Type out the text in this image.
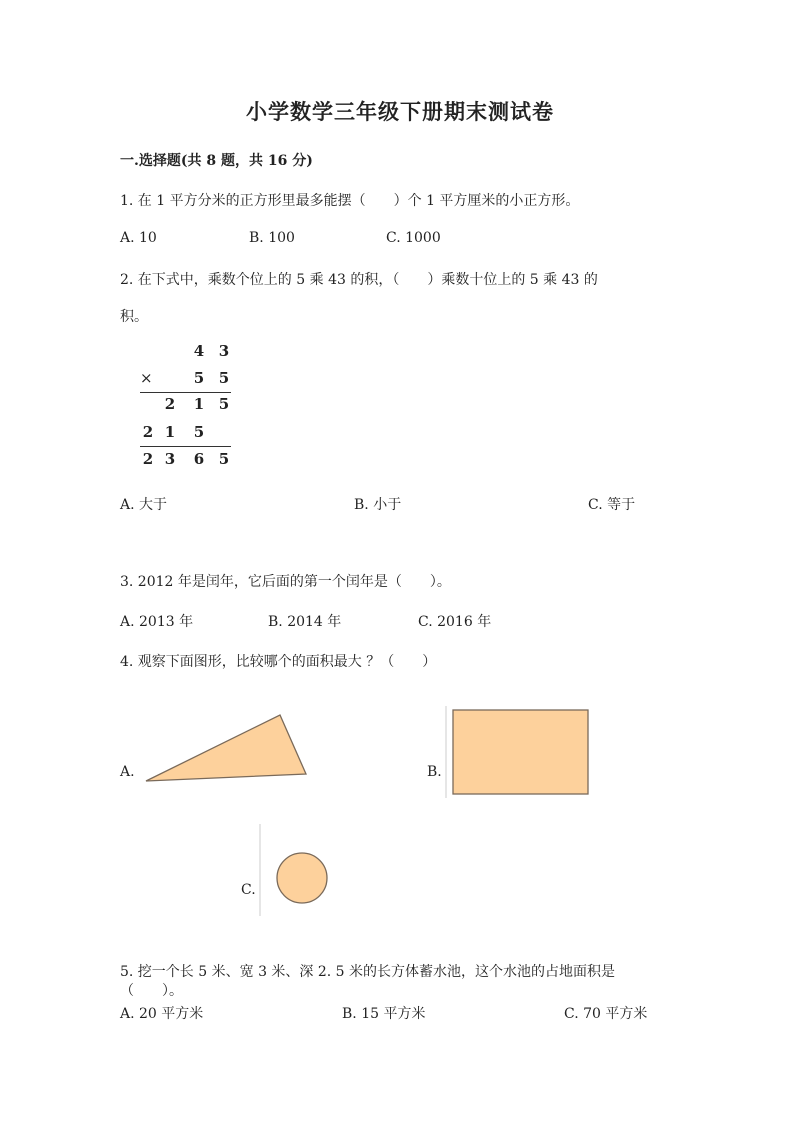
小学数学三年级下册期末测试卷
一.选择题(共 8 题，共 16 分)
1. 在 1 平方分米的正方形里最多能摆（　　）个 1 平方厘米的小正方形。
A. 10	B. 100	C. 1000
2. 在下式中，乘数个位上的 5 乘 43 的积，（　　）乘数十位上的 5 乘 43 的
积。
4 3
×	5 5
2 1 5
2 1 5
2 3 6 5
A. 大于	B. 小于	C. 等于
3. 2012 年是闰年，它后面的第一个闰年是（　　）。
A. 2013 年	B. 2014 年	C. 2016 年
4. 观察下面图形，比较哪个的面积最大 ？（　　）
A.	B.
C.
5. 挖一个长 5 米、宽 3 米、深 2. 5 米的长方体蓄水池，这个水池的占地面积是
（　　）。
A. 20 平方米	B. 15 平方米	C. 70 平方米
